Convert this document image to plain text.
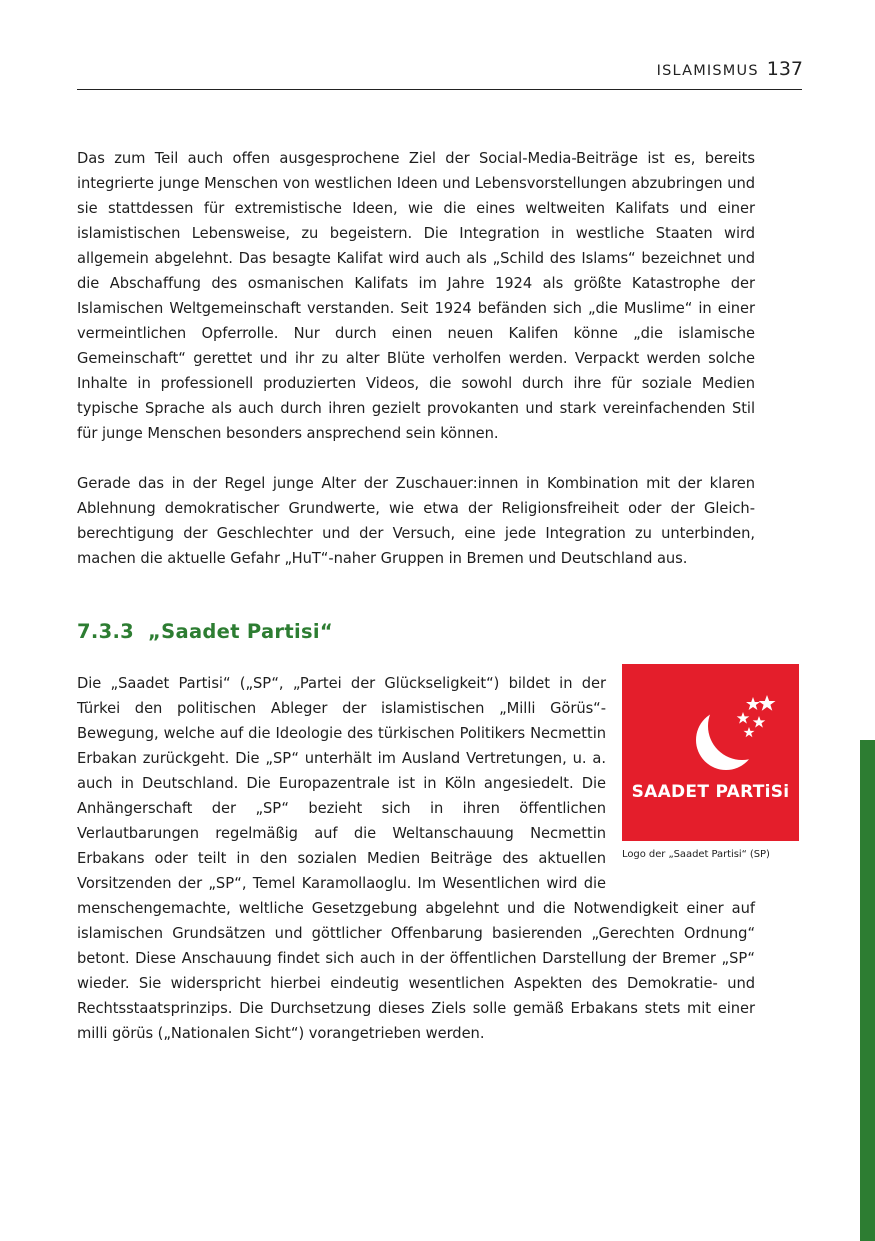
ISLAMISMUS 137

Das zum Teil auch offen ausgesprochene Ziel der Social-Media-Beiträge ist es, bereits integrierte junge Menschen von westlichen Ideen und Lebensvorstellungen abzubringen und sie stattdessen für extremistische Ideen, wie die eines weltweiten Kalifats und einer islamistischen Lebensweise, zu begeistern. Die Integration in westliche Staaten wird allgemein abgelehnt. Das besagte Kalifat wird auch als „Schild des Islams“ bezeichnet und die Abschaffung des osmanischen Kalifats im Jahre 1924 als größte Katastrophe der Islamischen Weltgemeinschaft verstanden. Seit 1924 befänden sich „die Muslime“ in einer vermeintlichen Opferrolle. Nur durch einen neuen Kalifen könne „die islamische Gemeinschaft“ gerettet und ihr zu alter Blüte verholfen werden. Verpackt werden solche Inhalte in professionell produzierten Videos, die sowohl durch ihre für soziale Medien typische Sprache als auch durch ihren gezielt provokanten und stark vereinfachenden Stil für junge Menschen besonders ansprechend sein können.

Gerade das in der Regel junge Alter der Zuschauer:innen in Kombination mit der klaren Ablehnung demokratischer Grundwerte, wie etwa der Religionsfreiheit oder der Gleichberechtigung der Geschlechter und der Versuch, eine jede Integration zu unterbinden, machen die aktuelle Gefahr „HuT“-naher Gruppen in Bremen und Deutschland aus.

7.3.3 „Saadet Partisi“
SAADET PARTiSi
Logo der „Saadet Partisi“ (SP)
Die „Saadet Partisi“ („SP“, „Partei der Glückseligkeit“) bildet in der Türkei den politischen Ableger der islamistischen „Milli Görüs“-Bewegung, welche auf die Ideologie des türkischen Politikers Necmettin Erbakan zurückgeht. Die „SP“ unterhält im Ausland Vertretungen, u. a. auch in Deutschland. Die Europazentrale ist in Köln angesiedelt. Die Anhängerschaft der „SP“ bezieht sich in ihren öffentlichen Verlautbarungen regelmäßig auf die Weltanschauung Necmettin Erbakans oder teilt in den sozialen Medien Beiträge des aktuellen Vorsitzenden der „SP“, Temel Karamollaoglu. Im Wesentlichen wird die menschengemachte, weltliche Gesetzgebung abgelehnt und die Notwendigkeit einer auf islamischen Grundsätzen und göttlicher Offenbarung basierenden „Gerechten Ordnung“ betont. Diese Anschauung findet sich auch in der öffentlichen Darstellung der Bremer „SP“ wieder. Sie widerspricht hierbei eindeutig wesentlichen Aspekten des Demokratie- und Rechtsstaatsprinzips. Die Durchsetzung dieses Ziels solle gemäß Erbakans stets mit einer milli görüs („Nationalen Sicht“) vorangetrieben werden.
